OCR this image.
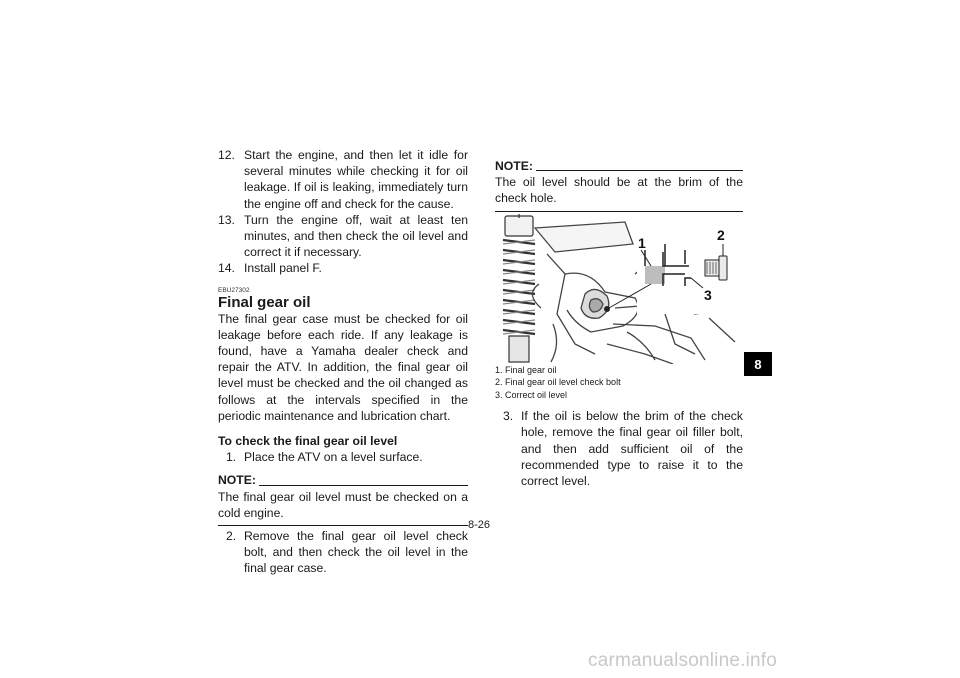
12. Start the engine, and then let it idle for several minutes while checking it for oil leakage. If oil is leaking, immediately turn the engine off and check for the cause.
13. Turn the engine off, wait at least ten minutes, and then check the oil level and correct it if necessary.
14. Install panel F.
EBU27302
Final gear oil
The final gear case must be checked for oil leakage before each ride. If any leakage is found, have a Yamaha dealer check and repair the ATV. In addition, the final gear oil level must be checked and the oil changed as follows at the intervals specified in the periodic maintenance and lubrication chart.
To check the final gear oil level
1. Place the ATV on a level surface.
NOTE:
The final gear oil level must be checked on a cold engine.
2. Remove the final gear oil level check bolt, and then check the oil level in the final gear case.
NOTE:
The oil level should be at the brim of the check hole.
1	2
3
1. Final gear oil
2. Final gear oil level check bolt
3. Correct oil level
3. If the oil is below the brim of the check hole, remove the final gear oil filler bolt, and then add sufficient oil of the recommended type to raise it to the correct level.
8-26
8
carmanualsonline.info
